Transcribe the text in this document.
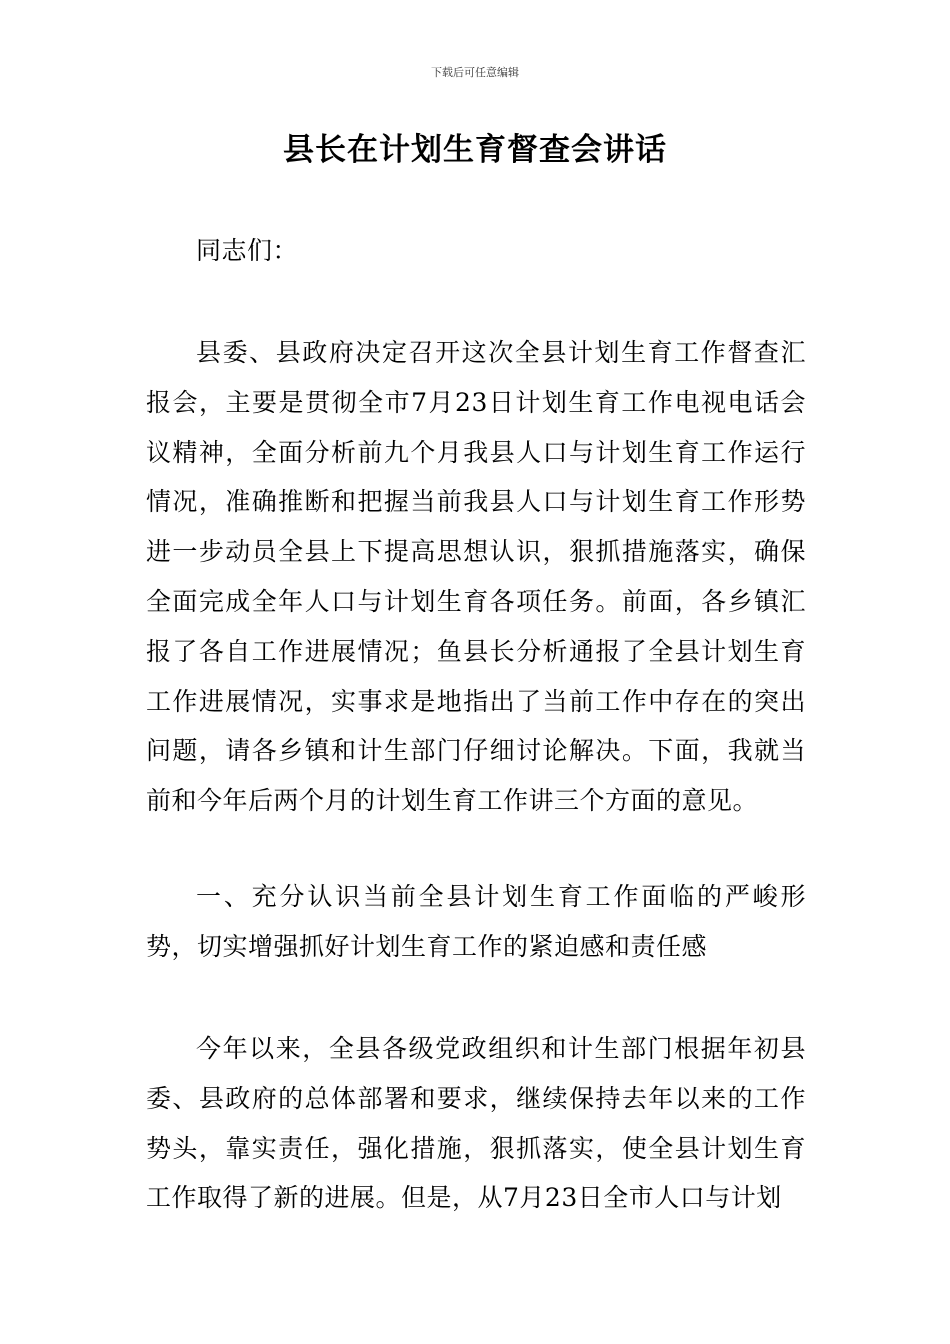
下载后可任意编辑
县长在计划生育督查会讲话

同志们：

县委、县政府决定召开这次全县计划生育工作督查汇报会，主要是贯彻全市7月23日计划生育工作电视电话会议精神，全面分析前九个月我县人口与计划生育工作运行情况，准确推断和把握当前我县人口与计划生育工作形势进一步动员全县上下提高思想认识，狠抓措施落实，确保全面完成全年人口与计划生育各项任务。前面，各乡镇汇报了各自工作进展情况；鱼县长分析通报了全县计划生育工作进展情况，实事求是地指出了当前工作中存在的突出问题，请各乡镇和计生部门仔细讨论解决。下面，我就当前和今年后两个月的计划生育工作讲三个方面的意见。

一、充分认识当前全县计划生育工作面临的严峻形势，切实增强抓好计划生育工作的紧迫感和责任感

今年以来，全县各级党政组织和计生部门根据年初县委、县政府的总体部署和要求，继续保持去年以来的工作势头，靠实责任，强化措施，狠抓落实，使全县计划生育工作取得了新的进展。但是，从7月23日全市人口与计划
